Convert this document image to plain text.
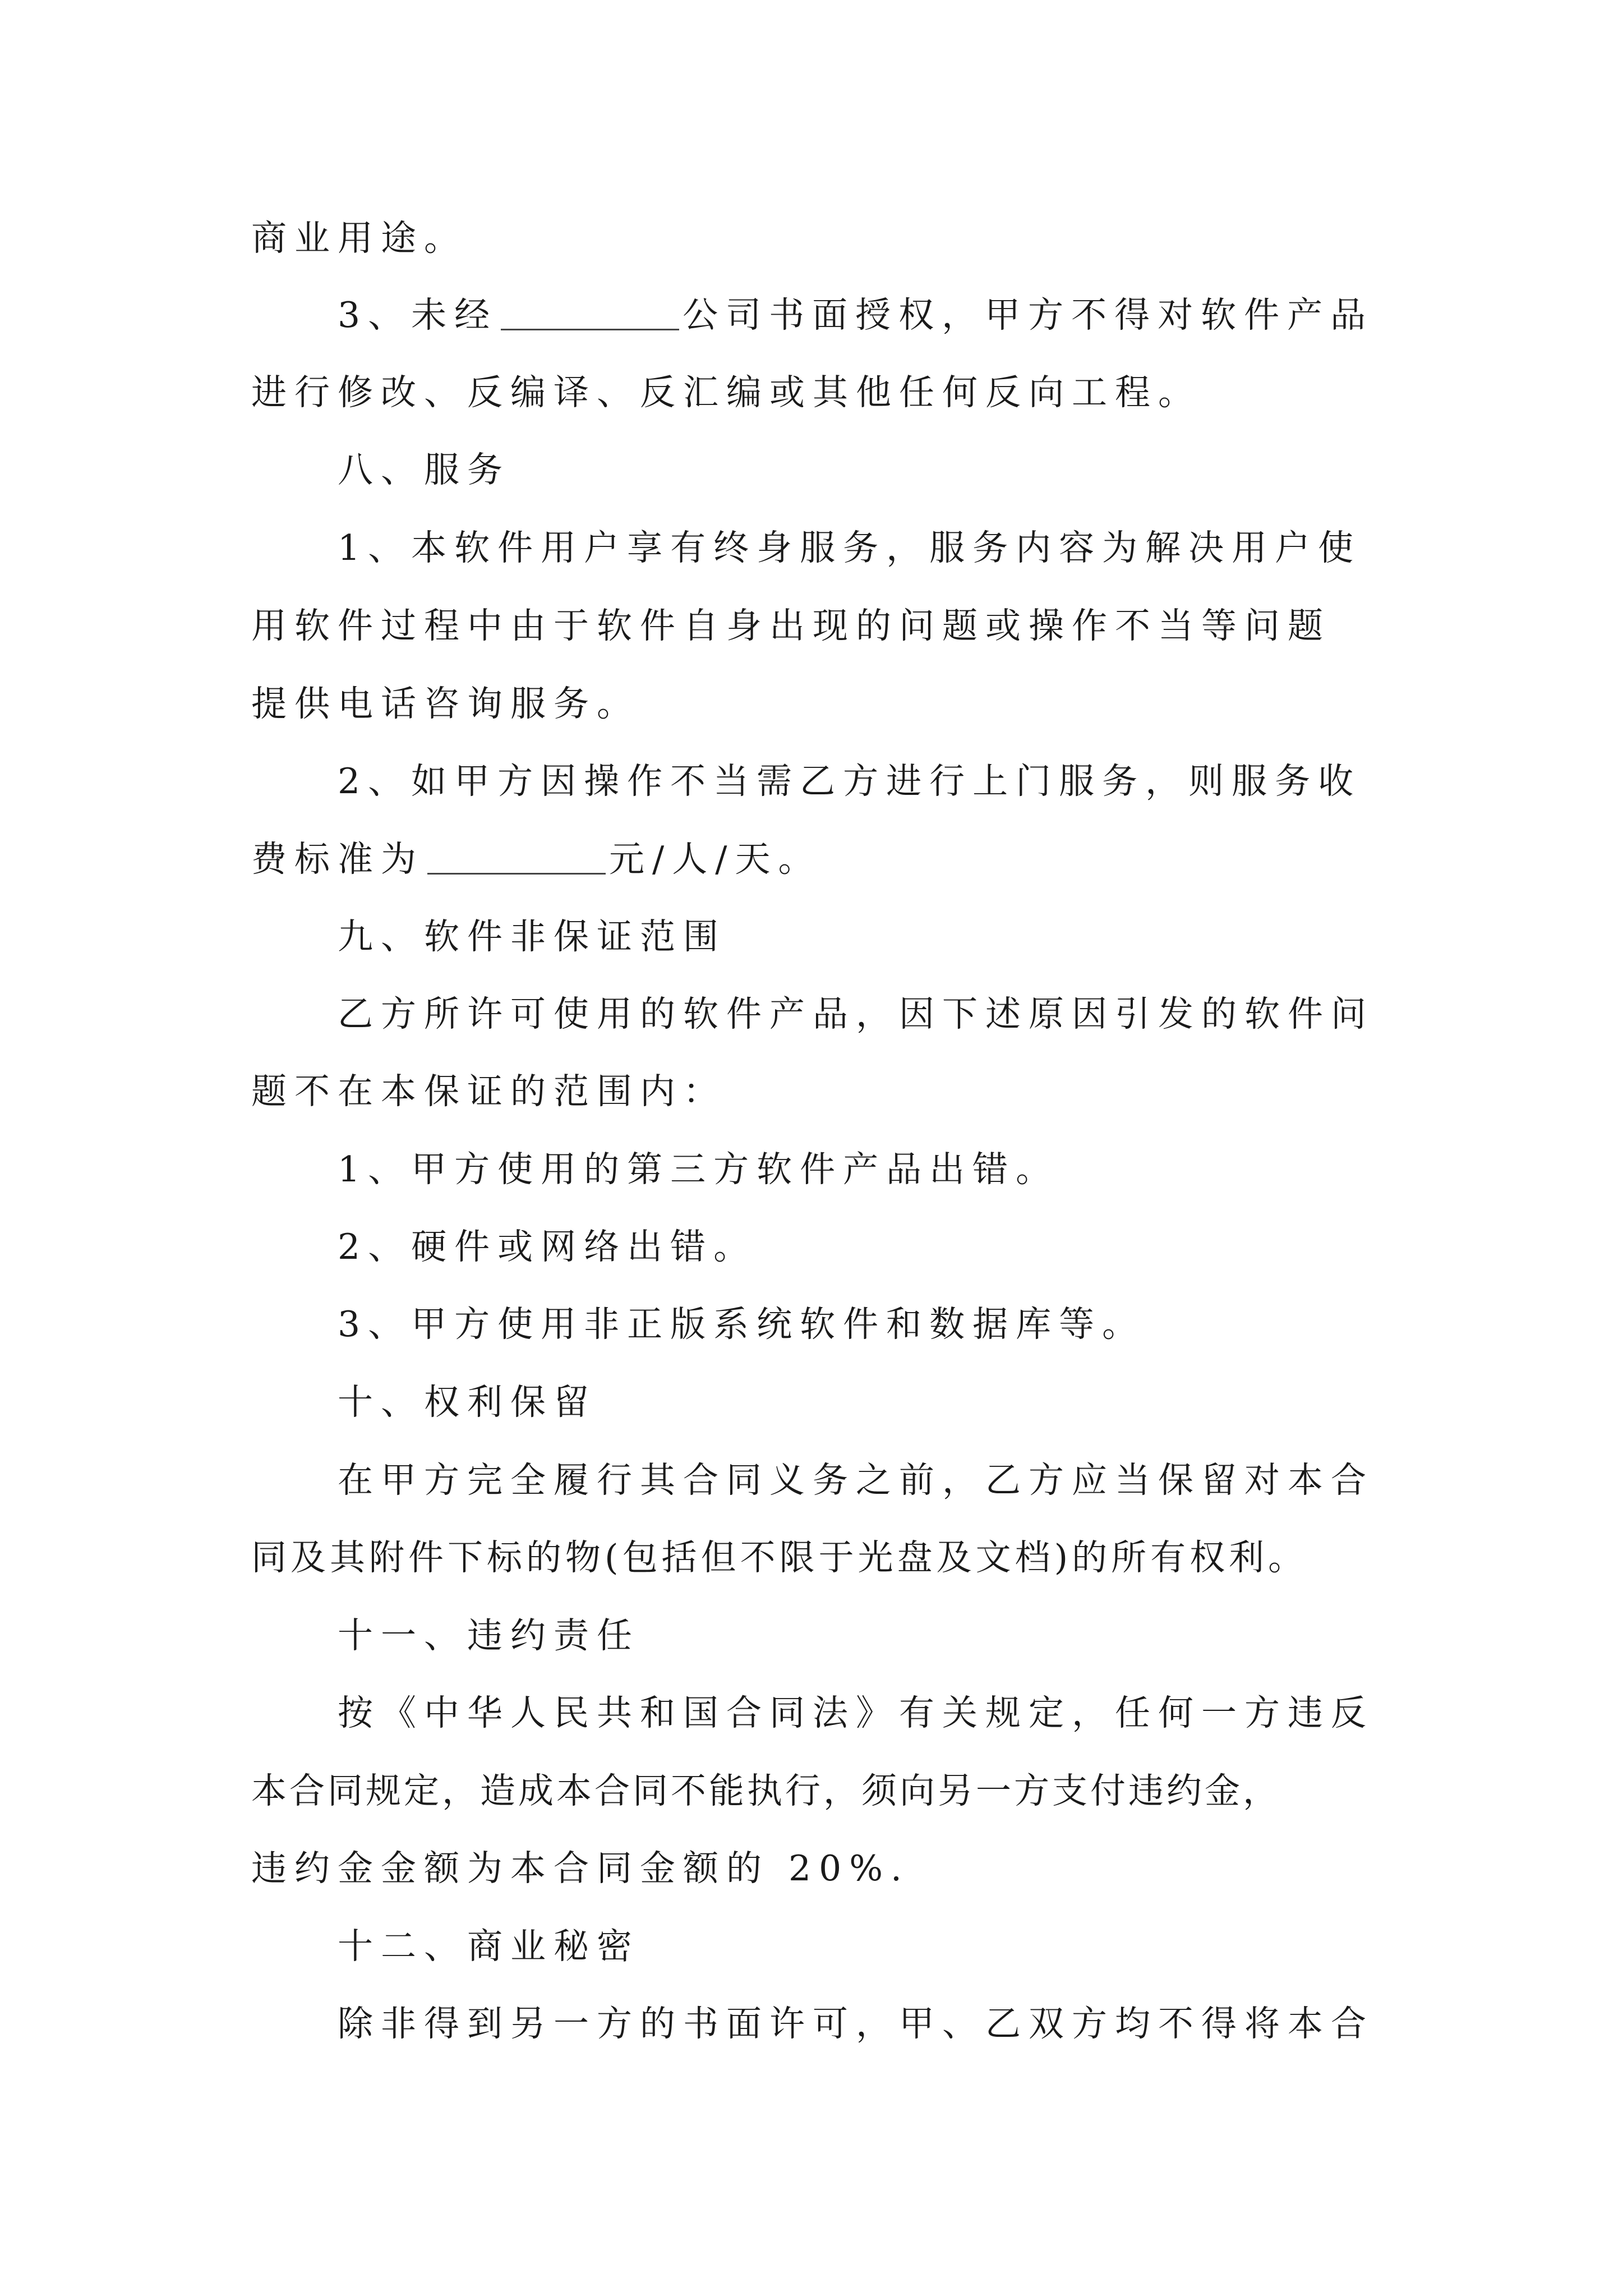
商业用途。
3、未经	公司书面授权，甲方不得对软件产品
进行修改、反编译、反汇编或其他任何反向工程。
八、服务
1、本软件用户享有终身服务，服务内容为解决用户使
用软件过程中由于软件自身出现的问题或操作不当等问题
提供电话咨询服务。
2、如甲方因操作不当需乙方进行上门服务，则服务收
费标准为	元/人/天。
九、软件非保证范围
乙方所许可使用的软件产品，因下述原因引发的软件问
题不在本保证的范围内：
1、甲方使用的第三方软件产品出错。
2、硬件或网络出错。
3、甲方使用非正版系统软件和数据库等。
十、权利保留
在甲方完全履行其合同义务之前，乙方应当保留对本合
同及其附件下标的物(包括但不限于光盘及文档)的所有权利。
十一、违约责任
按《中华人民共和国合同法》有关规定，任何一方违反
本合同规定，造成本合同不能执行，须向另一方支付违约金，
违约金金额为本合同金额的 20%.
十二、商业秘密
除非得到另一方的书面许可，甲、乙双方均不得将本合
